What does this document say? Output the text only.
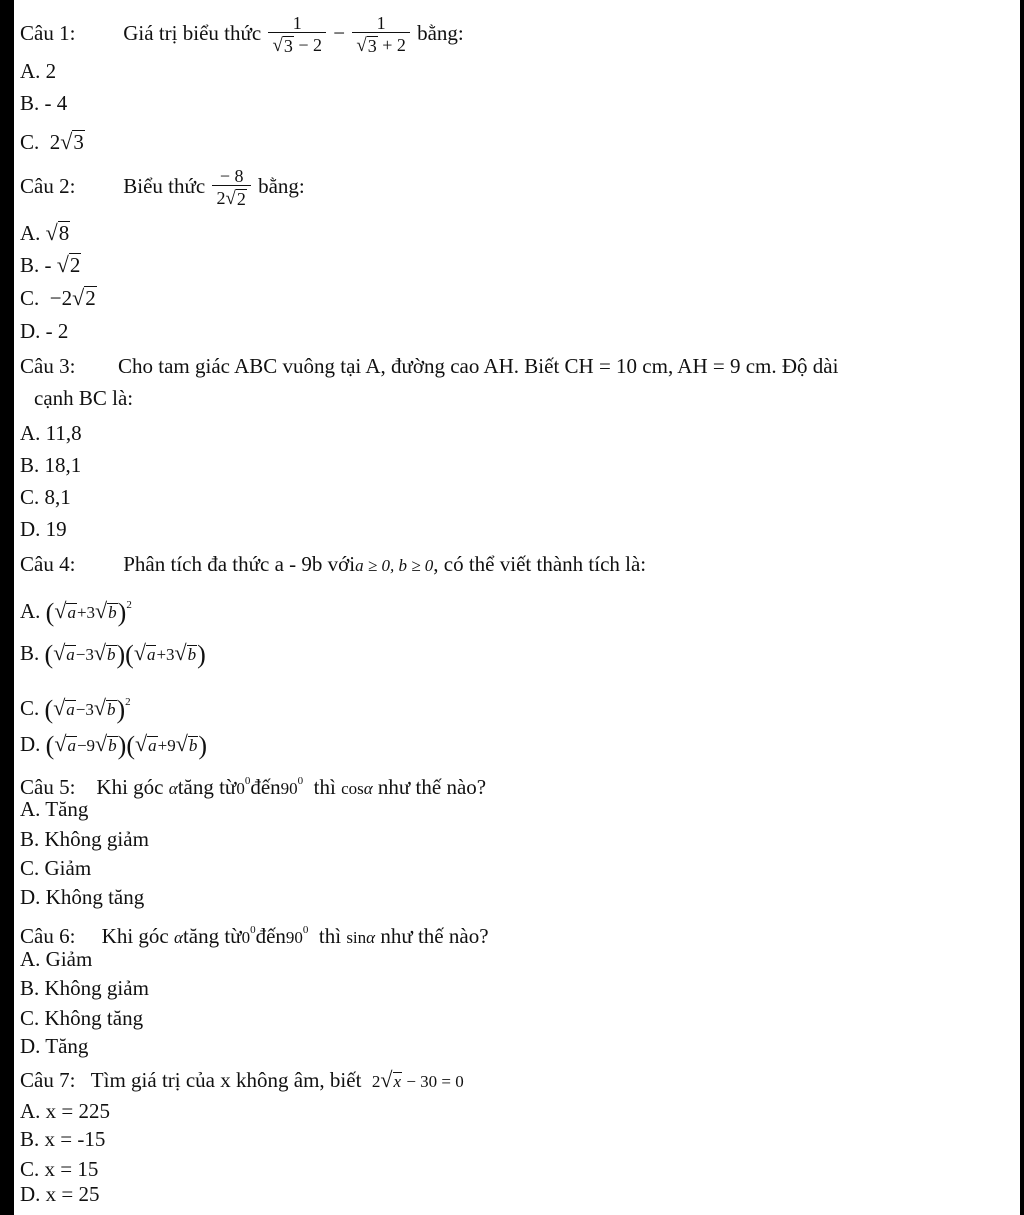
Câu 1: Giá trị biểu thức $\frac{1}{√ 3 - 2} - \frac{1}{√ 3 + 2}$ bằng:
A. 2
B. - 4
C. 2 √ 3
Câu 2: Biểu thức $\frac{- 8}{2 √ 2}$ bằng:
A. √ 8
B. - √ 2
C. −2 √ 2
D. - 2
Câu 3: Cho tam giác ABC vuông tại A, đường cao AH. Biết CH = 10 cm, AH = 9 cm. Độ dài
cạnh BC là:
A. 11,8
B. 18,1
C. 8,1
D. 19
Câu 4: Phân tích đa thức a - 9b vớia ≥ 0, b ≥ 0, có thể viết thành tích là:
A. ( √ a +3 √ b )$^2$
B. ( √ a −3 √ b )( √ a +3 √ b )
C. ( √ a −3 √ b )$^2$
D. ( √ a −9 √ b )( √ a +9 √ b )
Câu 5: Khi góc αtăng $từ0^0đến90^0$ thì cosα như thế nào?
A. Tăng
B. Không giảm
C. Giảm
D. Không tăng
Câu 6: Khi góc αtăng $từ0^0đến90^0$ thì sinα như thế nào?
A. Giảm
B. Không giảm
C. Không tăng
D. Tăng
Câu 7: Tìm giá trị của x không âm, biết 2 √ x − 30 = 0
A. x = 225
B. x = -15
C. x = 15
D. x = 25
